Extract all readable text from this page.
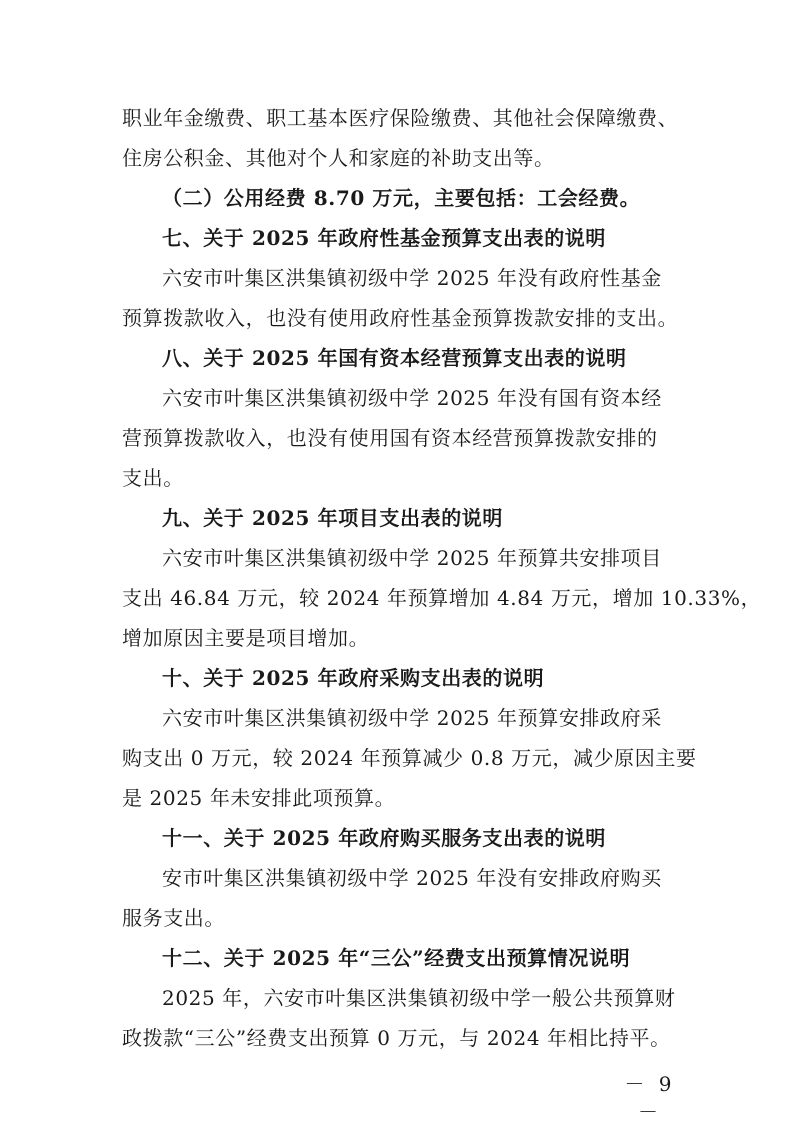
职业年金缴费、职工基本医疗保险缴费、其他社会保障缴费、
住房公积金、其他对个人和家庭的补助支出等。
（二）公用经费 8.70 万元，主要包括：工会经费。
七、关于 2025 年政府性基金预算支出表的说明
六安市叶集区洪集镇初级中学 2025 年没有政府性基金
预算拨款收入，也没有使用政府性基金预算拨款安排的支出。
八、关于 2025 年国有资本经营预算支出表的说明
六安市叶集区洪集镇初级中学 2025 年没有国有资本经
营预算拨款收入，也没有使用国有资本经营预算拨款安排的
支出。
九、关于 2025 年项目支出表的说明
六安市叶集区洪集镇初级中学 2025 年预算共安排项目
支出 46.84 万元，较 2024 年预算增加 4.84 万元，增加 10.33%，
增加原因主要是项目增加。
十、关于 2025 年政府采购支出表的说明
六安市叶集区洪集镇初级中学 2025 年预算安排政府采
购支出 0 万元，较 2024 年预算减少 0.8 万元，减少原因主要
是 2025 年未安排此项预算。
十一、关于 2025 年政府购买服务支出表的说明
安市叶集区洪集镇初级中学 2025 年没有安排政府购买
服务支出。
十二、关于 2025 年“三公”经费支出预算情况说明
2025 年，六安市叶集区洪集镇初级中学一般公共预算财
政拨款“三公”经费支出预算 0 万元，与 2024 年相比持平。
－ 9 －
